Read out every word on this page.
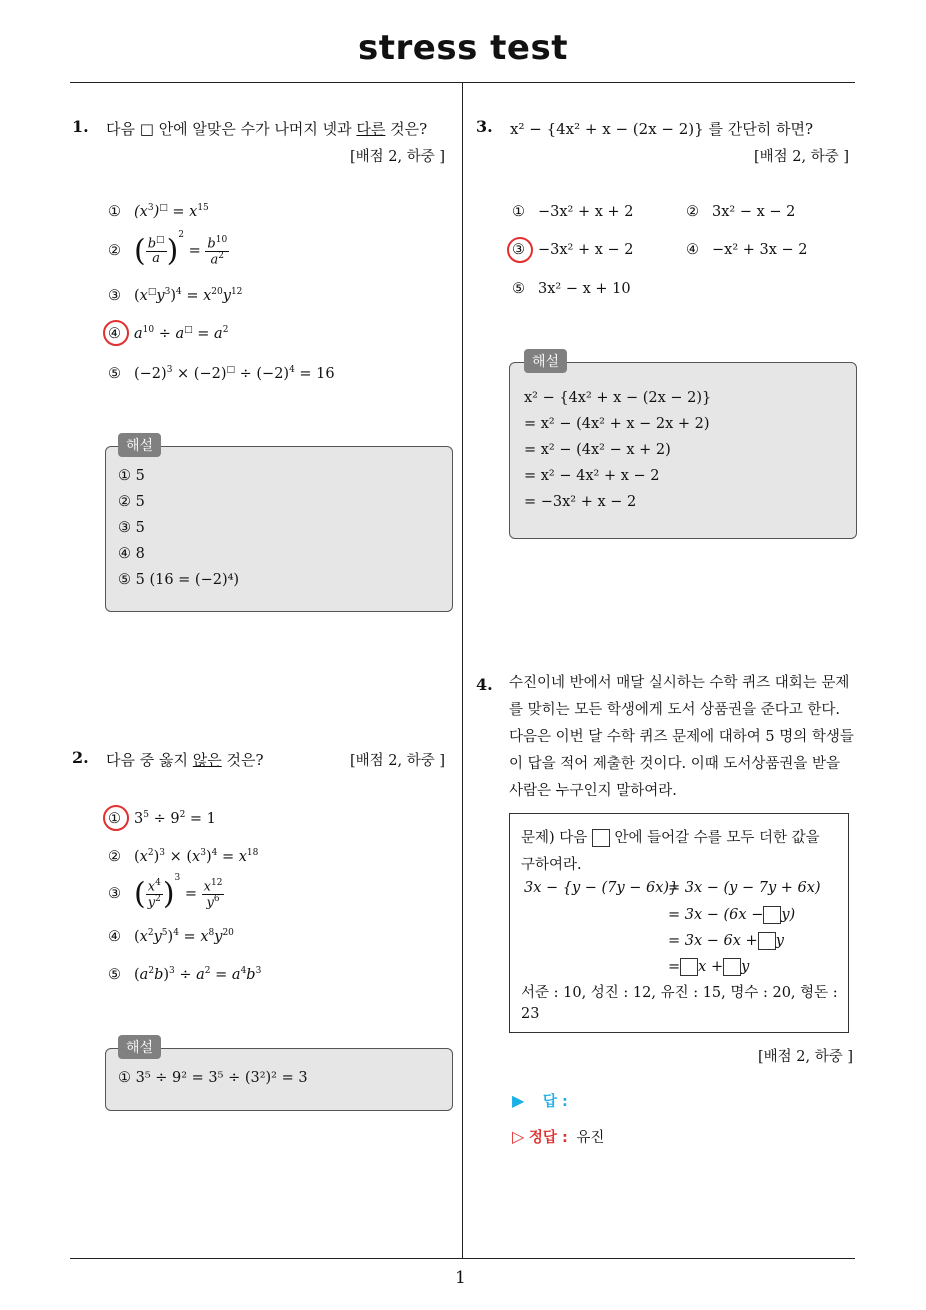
stress test
1
1. 다음 □ 안에 알맞은 수가 나머지 넷과 다른 것은?
[배점 2, 하중 ]
① $(x^3)^□ = x^{15}$
② ( $\frac{b^□}{a} )^2 = \frac{b^{10}}{a^2}$
③ $(x^□y^3)^4 = x^{20}y^{12}$
④ $a^{10} \div a^□ = a^2$
⑤ $(-2)^3 \times (-2)^□ \div (-2)^4 = 16$
해설
① 5
② 5
③ 5
④ 8
⑤ 5 (16 = (−2)⁴)
2. 다음 중 옳지 않은 것은?	[배점 2, 하중 ]
① $3^5 \div 9^2 = 1$
② $(x^2)^3 \times (x^3)^4 = x^{18}$
③ ( $\frac{x^4}{y^2} )^3 = \frac{x^{12}}{y^6}$
④ $(x^2y^5)^4 = x^8y^{20}$
⑤ $(a^2b)^3 \div a^2 = a^4b^3$
해설
① 3⁵ ÷ 9² = 3⁵ ÷ (3²)² = 3
3. x² − {4x² + x − (2x − 2)} 를 간단히 하면?
[배점 2, 하중 ]
① −3x² + x + 2	② 3x² − x − 2
③ −3x² + x − 2	④ −x² + 3x − 2
⑤ 3x² − x + 10
해설
x² − {4x² + x − (2x − 2)}
= x² − (4x² + x − 2x + 2)
= x² − (4x² − x + 2)
= x² − 4x² + x − 2
= −3x² + x − 2
4. 수진이네 반에서 매달 실시하는 수학 퀴즈 대회는 문제
를 맞히는 모든 학생에게 도서 상품권을 준다고 한다.
다음은 이번 달 수학 퀴즈 문제에 대하여 5 명의 학생들
이 답을 적어 제출한 것이다. 이때 도서상품권을 받을
사람은 누구인지 말하여라.
문제) 다음 안에 들어갈 수를 모두 더한 값을
구하여라.
3x − {y − (7y − 6x)}
= 3x − (y − 7y + 6x)
= 3x − (6x − y)
= 3x − 6x + y
= x + y
서준 : 10, 성진 : 12, 유진 : 15, 명수 : 20, 형돈 :
23
[배점 2, 하중 ]
▶ 답 :
▷ 정답 : 유진
